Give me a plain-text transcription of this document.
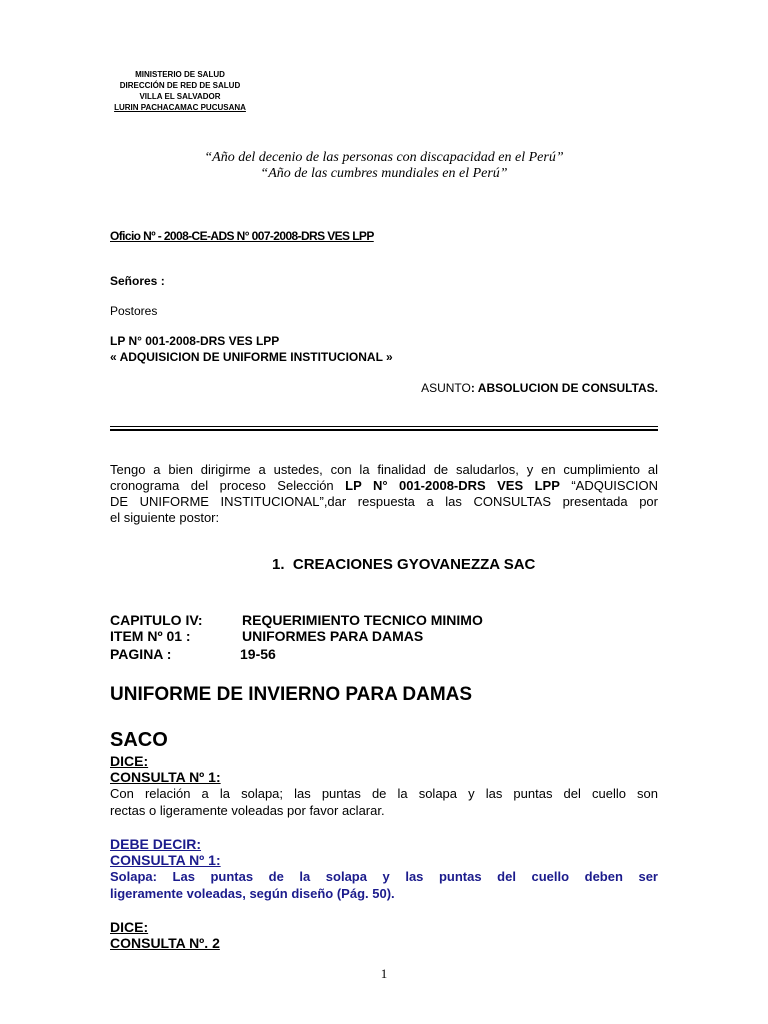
MINISTERIO DE SALUD
DIRECCIÓN DE RED DE SALUD
VILLA EL SALVADOR
LURIN PACHACAMAC PUCUSANA
“Año del decenio de las personas con discapacidad en el Perú”
“Año de las cumbres mundiales en el Perú”
Oficio Nº - 2008-CE-ADS N° 007-2008-DRS VES LPP
Señores :
Postores
LP N° 001-2008-DRS VES LPP
« ADQUISICION DE UNIFORME INSTITUCIONAL »
ASUNTO: ABSOLUCION DE CONSULTAS.
Tengo a bien dirigirme a ustedes, con la finalidad de saludarlos, y en cumplimiento al
cronograma del proceso Selección LP N° 001-2008-DRS VES LPP “ADQUISCION
DE UNIFORME INSTITUCIONAL”,dar respuesta a las CONSULTAS presentada por
el siguiente postor:
1. CREACIONES GYOVANEZZA SAC
CAPITULO IV:	REQUERIMIENTO TECNICO MINIMO
ITEM Nº 01 :	UNIFORMES PARA DAMAS
PAGINA :	19-56
UNIFORME DE INVIERNO PARA DAMAS
SACO
DICE:
CONSULTA Nº 1:
Con relación a la solapa; las puntas de la solapa y las puntas del cuello son
rectas o ligeramente voleadas por favor aclarar.
DEBE DECIR:
CONSULTA Nº 1:
Solapa: Las puntas de la solapa y las puntas del cuello deben ser
ligeramente voleadas, según diseño (Pág. 50).
DICE:
CONSULTA Nº. 2
1
